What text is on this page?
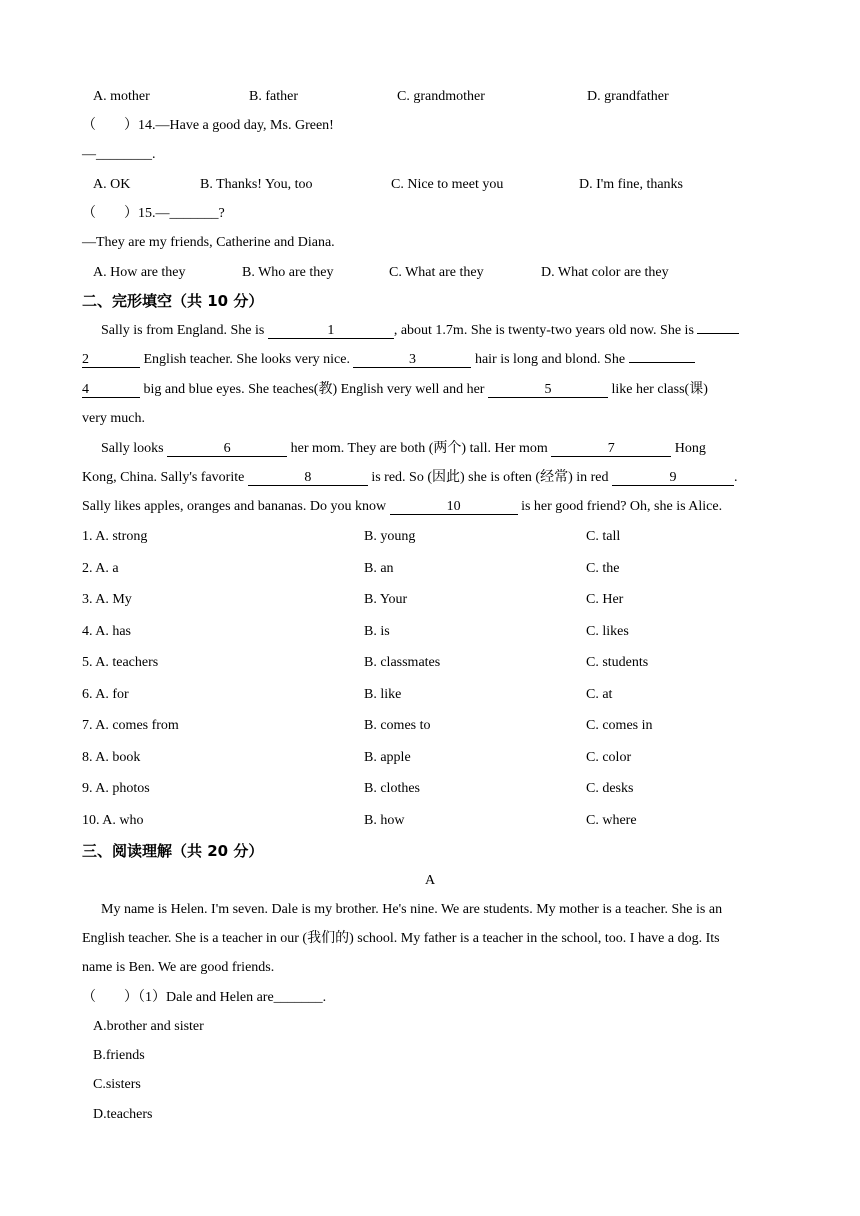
A. mother	B. father	C. grandmother	D. grandfather
（　　）14.—Have a good day, Ms. Green!
—________.
A. OK	B. Thanks! You, too	C. Nice to meet you	D. I'm fine, thanks
（　　）15.—_______?
—They are my friends, Catherine and Diana.
A. How are they	B. Who are they	C. What are they	D. What color are they
二、完形填空（共 10 分）
Sally is from England. She is	1	, about 1.7m. She is twenty-two years old now. She is
2	English teacher. She looks very nice.	3	hair is long and blond. She
4	big and blue eyes. She teaches(教) English very well and her	5	like her class(课)
very much.
Sally looks	6	her mom. They are both (两个) tall. Her mom	7	Hong
Kong, China. Sally's favorite	8	is red. So (因此) she is often (经常) in red	9	.
Sally likes apples, oranges and bananas. Do you know	10	is her good friend? Oh, she is Alice.
1. A. strong	B. young	C. tall
2. A. a	B. an	C. the
3. A. My	B. Your	C. Her
4. A. has	B. is	C. likes
5. A. teachers	B. classmates	C. students
6. A. for	B. like	C. at
7. A. comes from	B. comes to	C. comes in
8. A. book	B. apple	C. color
9. A. photos	B. clothes	C. desks
10. A. who	B. how	C. where
三、阅读理解（共 20 分）
A
My name is Helen. I'm seven. Dale is my brother. He's nine. We are students. My mother is a teacher. She is an
English teacher. She is a teacher in our (我们的) school. My father is a teacher in the school, too. I have a dog. Its
name is Ben. We are good friends.
（　　）（1）Dale and Helen are_______.
A.brother and sister
B.friends
C.sisters
D.teachers
